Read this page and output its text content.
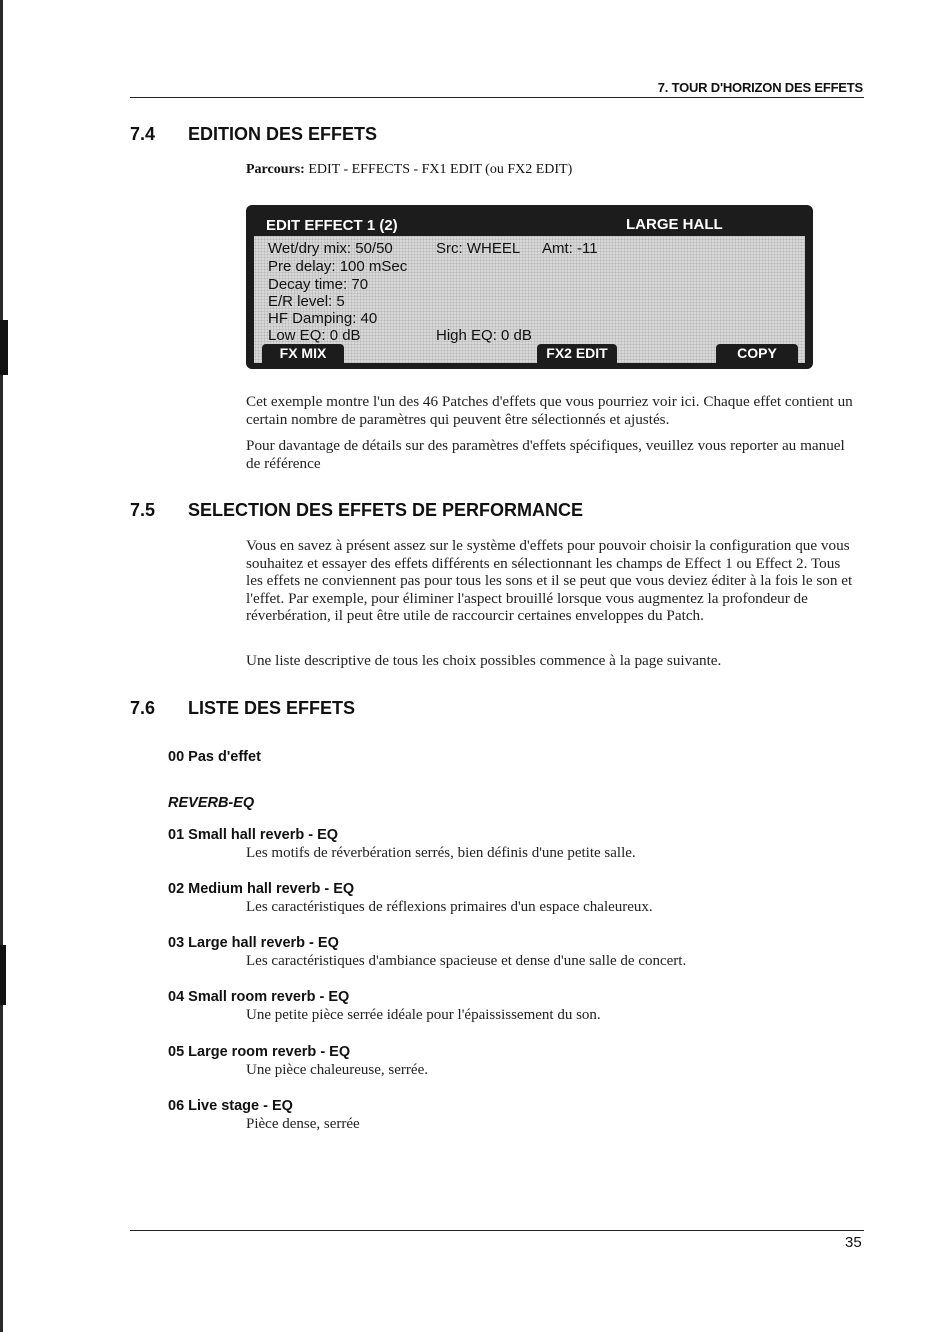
7. TOUR D'HORIZON DES EFFETS
7.4 EDITION DES EFFETS
Parcours: EDIT - EFFECTS - FX1 EDIT (ou FX2 EDIT)
EDIT EFFECT 1 (2)	LARGE HALL
Wet/dry mix: 50/50	Src: WHEEL Amt: -11
Pre delay: 100 mSec
Decay time: 70
E/R level: 5
HF Damping: 40
Low EQ: 0 dB	High EQ: 0 dB
FX MIX	FX2 EDIT	COPY
Cet exemple montre l'un des 46 Patches d'effets que vous pourriez voir ici. Chaque effet contient un certain nombre de paramètres qui peuvent être sélectionnés et ajustés.
Pour davantage de détails sur des paramètres d'effets spécifiques, veuillez vous reporter au manuel de référence
7.5 SELECTION DES EFFETS DE PERFORMANCE
Vous en savez à présent assez sur le système d'effets pour pouvoir choisir la configuration que vous souhaitez et essayer des effets différents en sélectionnant les champs de Effect 1 ou Effect 2. Tous les effets ne conviennent pas pour tous les sons et il se peut que vous deviez éditer à la fois le son et l'effet. Par exemple, pour éliminer l'aspect brouillé lorsque vous augmentez la profondeur de réverbération, il peut être utile de raccourcir certaines enveloppes du Patch.
Une liste descriptive de tous les choix possibles commence à la page suivante.
7.6 LISTE DES EFFETS
00 Pas d'effet
REVERB-EQ
01 Small hall reverb - EQ
Les motifs de réverbération serrés, bien définis d'une petite salle.
02 Medium hall reverb - EQ
Les caractéristiques de réflexions primaires d'un espace chaleureux.
03 Large hall reverb - EQ
Les caractéristiques d'ambiance spacieuse et dense d'une salle de concert.
04 Small room reverb - EQ
Une petite pièce serrée idéale pour l'épaississement du son.
05 Large room reverb - EQ
Une pièce chaleureuse, serrée.
06 Live stage - EQ
Pièce dense, serrée
35
